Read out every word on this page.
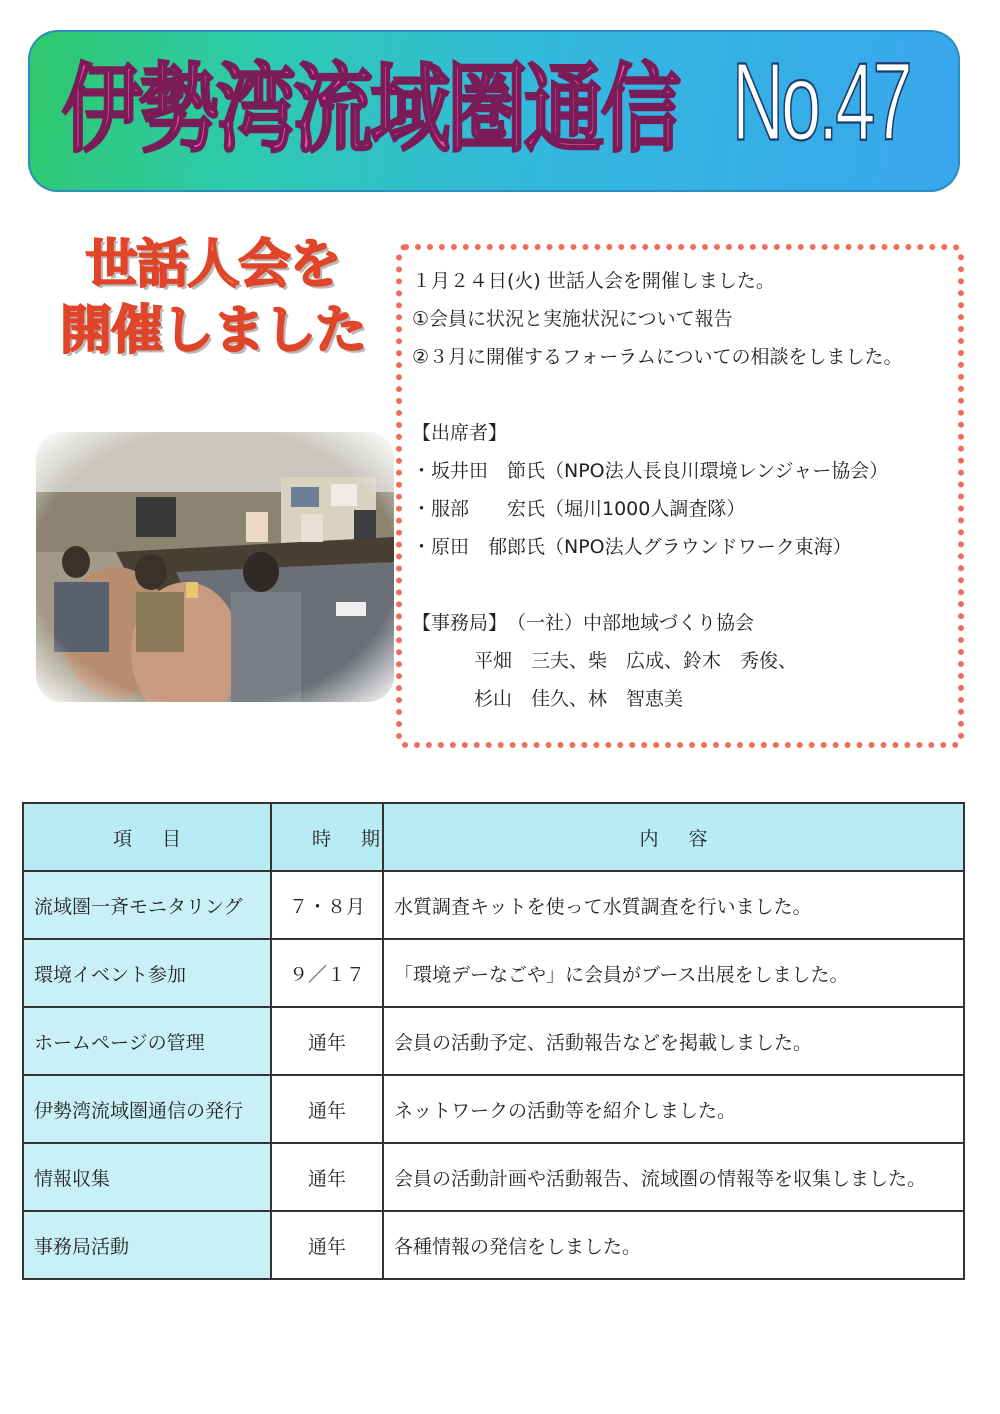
伊勢湾流域圏通信 No.47
世話人会を
開催しました
１月２４日(火) 世話人会を開催しました。
①会員に状況と実施状況について報告
②３月に開催するフォーラムについての相談をしました。
【出席者】
・坂井田　節氏（NPO法人長良川環境レンジャー協会）
・服部　　宏氏（堀川1000人調査隊）
・原田　郁郎氏（NPO法人グラウンドワーク東海）
【事務局】　（一社）中部地域づくり協会
平畑　三夫、柴　広成、鈴木　秀俊、
杉山　佳久、林　智恵美
項目	時期	内容
流域圏一斉モニタリング	７・８月	水質調査キットを使って水質調査を行いました。
環境イベント参加	９／１７	「環境デーなごや」に会員がブース出展をしました。
ホームページの管理	通年	会員の活動予定、活動報告などを掲載しました。
伊勢湾流域圏通信の発行	通年	ネットワークの活動等を紹介しました。
情報収集	通年	会員の活動計画や活動報告、流域圏の情報等を収集しました。
事務局活動	通年	各種情報の発信をしました。
